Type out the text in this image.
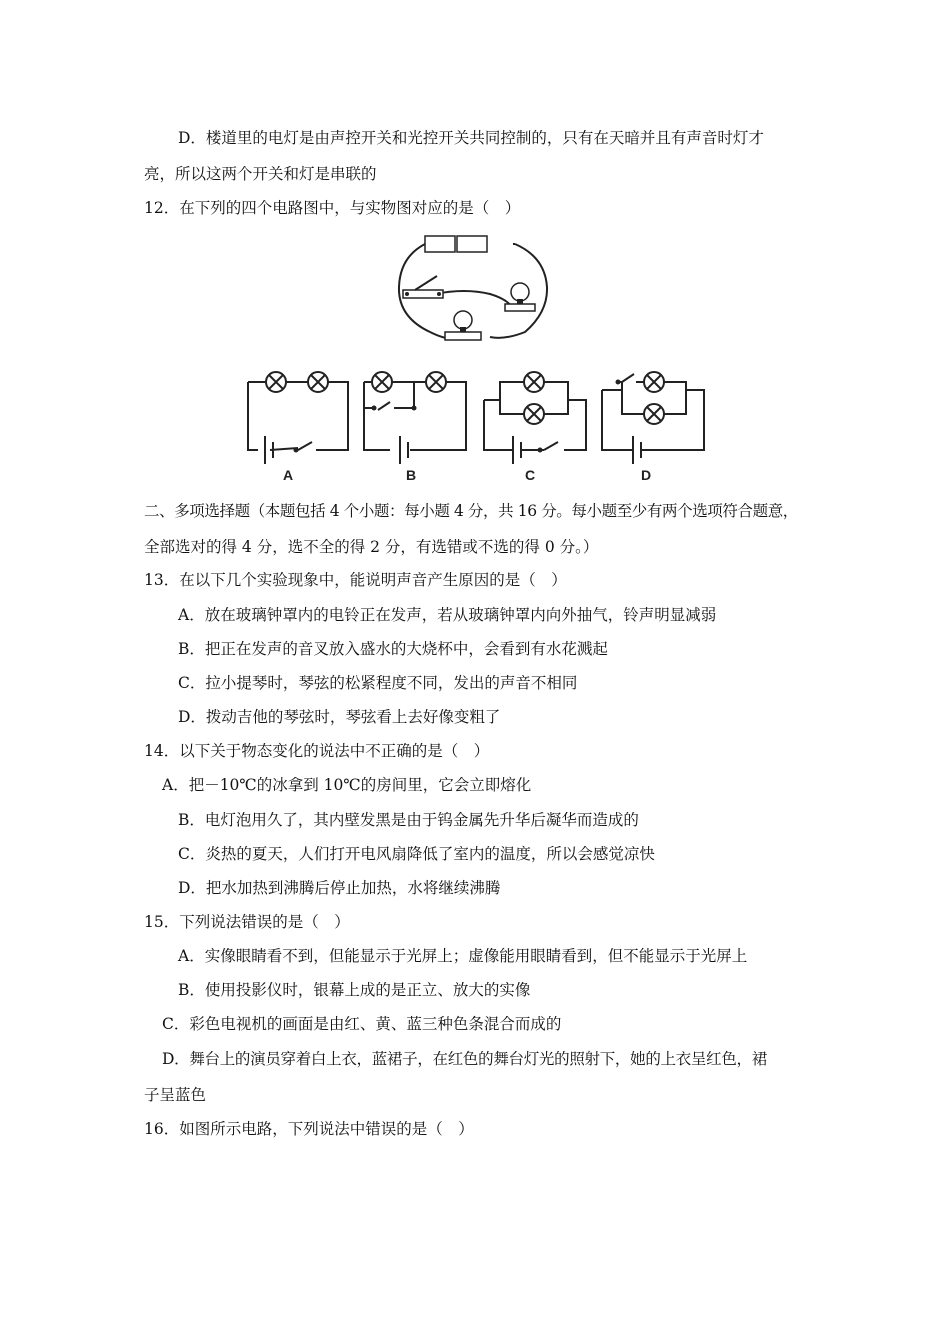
D．楼道里的电灯是由声控开关和光控开关共同控制的，只有在天暗并且有声音时灯才
亮，所以这两个开关和灯是串联的
12．在下列的四个电路图中，与实物图对应的是（　）
A	B	C	D
二、多项选择题（本题包括 4 个小题：每小题 4 分，共 16 分。每小题至少有两个选项符合题意，
全部选对的得 4 分，选不全的得 2 分，有选错或不选的得 0 分。）
13．在以下几个实验现象中，能说明声音产生原因的是（　）
A．放在玻璃钟罩内的电铃正在发声，若从玻璃钟罩内向外抽气，铃声明显减弱
B．把正在发声的音叉放入盛水的大烧杯中，会看到有水花溅起
C．拉小提琴时，琴弦的松紧程度不同，发出的声音不相同
D．拨动吉他的琴弦时，琴弦看上去好像变粗了
14．以下关于物态变化的说法中不正确的是（　）
A．把－10℃的冰拿到 10℃的房间里，它会立即熔化
B．电灯泡用久了，其内壁发黑是由于钨金属先升华后凝华而造成的
C．炎热的夏天，人们打开电风扇降低了室内的温度，所以会感觉凉快
D．把水加热到沸腾后停止加热，水将继续沸腾
15．下列说法错误的是（　）
A．实像眼睛看不到，但能显示于光屏上；虚像能用眼睛看到，但不能显示于光屏上
B．使用投影仪时，银幕上成的是正立、放大的实像
C．彩色电视机的画面是由红、黄、蓝三种色条混合而成的
D．舞台上的演员穿着白上衣，蓝裙子，在红色的舞台灯光的照射下，她的上衣呈红色，裙
子呈蓝色
16．如图所示电路，下列说法中错误的是（　）
